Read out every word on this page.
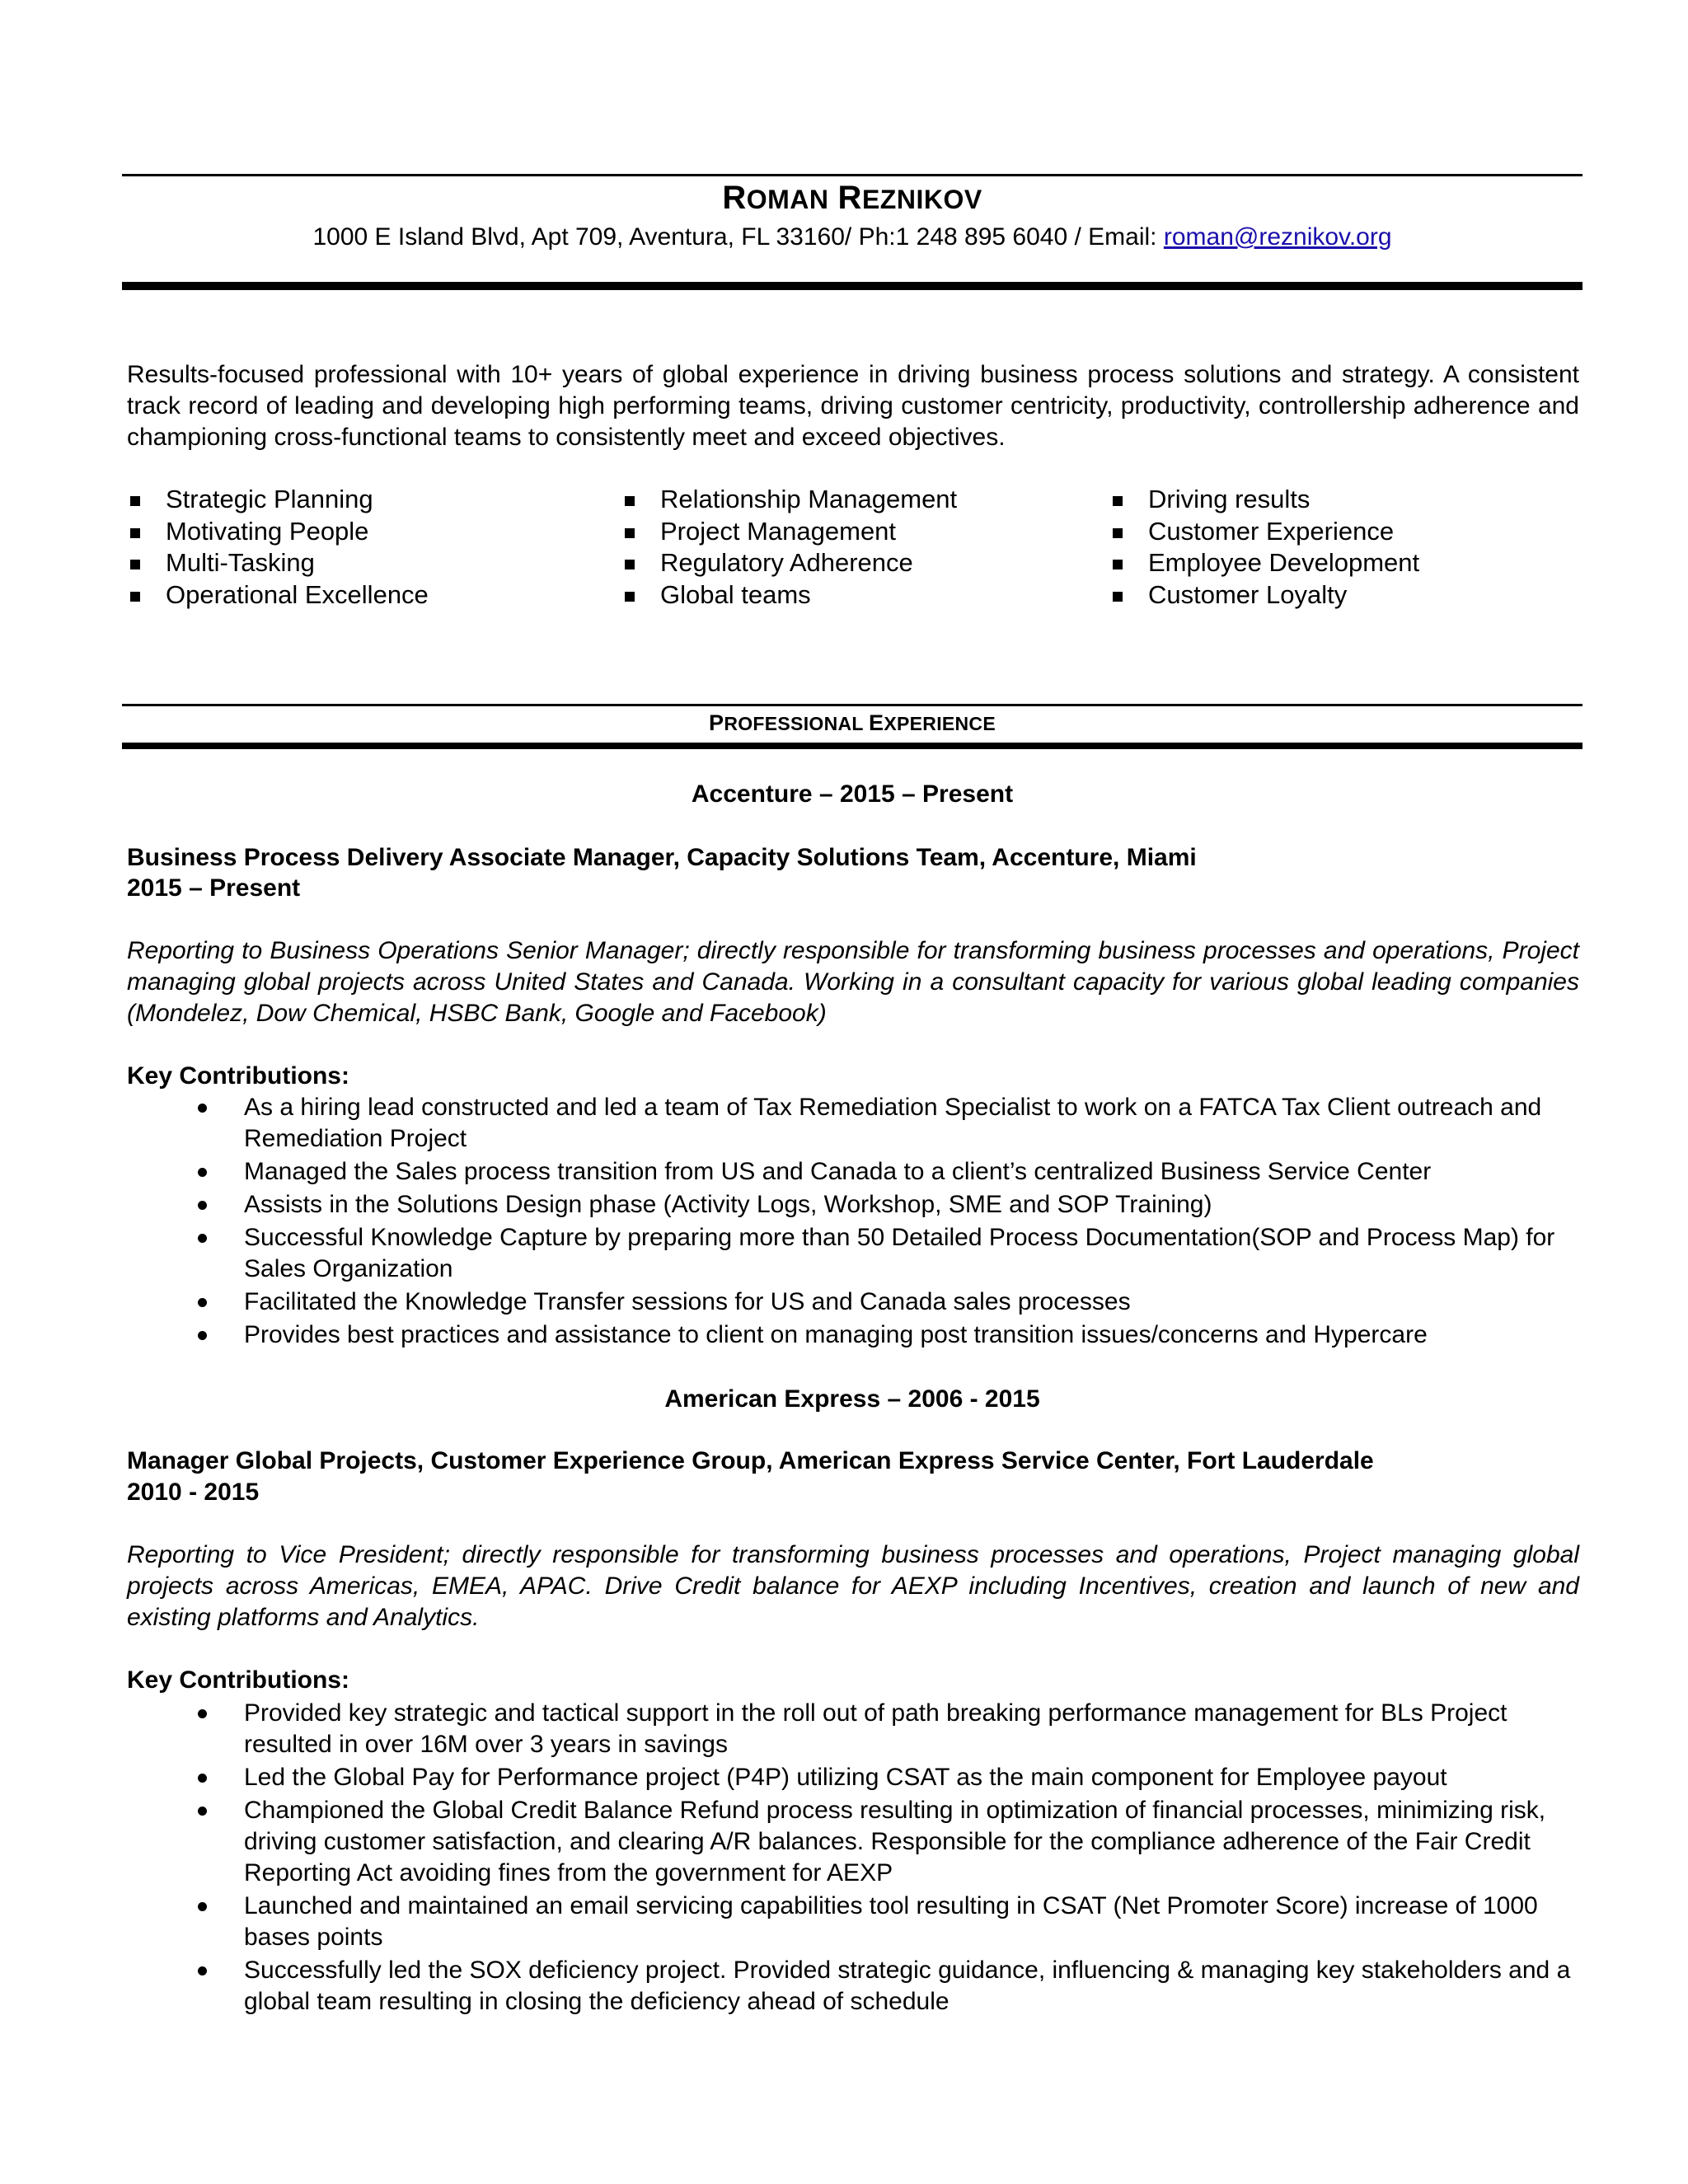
ROMAN REZNIKOV
1000 E Island Blvd, Apt 709, Aventura, FL 33160/ Ph:1 248 895 6040 / Email: roman@reznikov.org
Results-focused professional with 10+ years of global experience in driving business process solutions and strategy. A consistent track record of leading and developing high performing teams, driving customer centricity, productivity, controllership adherence and championing cross-functional teams to consistently meet and exceed objectives.
Strategic Planning
Motivating People
Multi-Tasking
Operational Excellence
Relationship Management
Project Management
Regulatory Adherence
Global teams
Driving results
Customer Experience
Employee Development
Customer Loyalty
PROFESSIONAL EXPERIENCE
Accenture – 2015 – Present
Business Process Delivery Associate Manager, Capacity Solutions Team, Accenture, Miami
2015 – Present
Reporting to Business Operations Senior Manager; directly responsible for transforming business processes and operations, Project managing global projects across United States and Canada. Working in a consultant capacity for various global leading companies (Mondelez, Dow Chemical, HSBC Bank, Google and Facebook)
Key Contributions:
As a hiring lead constructed and led a team of Tax Remediation Specialist to work on a FATCA Tax Client outreach and Remediation Project
Managed the Sales process transition from US and Canada to a client’s centralized Business Service Center
Assists in the Solutions Design phase (Activity Logs, Workshop, SME and SOP Training)
Successful Knowledge Capture by preparing more than 50 Detailed Process Documentation(SOP and Process Map) for Sales Organization
Facilitated the Knowledge Transfer sessions for US and Canada sales processes
Provides best practices and assistance to client on managing post transition issues/concerns and Hypercare
American Express – 2006 - 2015
Manager Global Projects, Customer Experience Group, American Express Service Center, Fort Lauderdale
2010 - 2015
Reporting to Vice President; directly responsible for transforming business processes and operations, Project managing global projects across Americas, EMEA, APAC. Drive Credit balance for AEXP including Incentives, creation and launch of new and existing platforms and Analytics.
Key Contributions:
Provided key strategic and tactical support in the roll out of path breaking performance management for BLs Project resulted in over 16M over 3 years in savings
Led the Global Pay for Performance project (P4P) utilizing CSAT as the main component for Employee payout
Championed the Global Credit Balance Refund process resulting in optimization of financial processes, minimizing risk, driving customer satisfaction, and clearing A/R balances. Responsible for the compliance adherence of the Fair Credit Reporting Act avoiding fines from the government for AEXP
Launched and maintained an email servicing capabilities tool resulting in CSAT (Net Promoter Score) increase of 1000 bases points
Successfully led the SOX deficiency project. Provided strategic guidance, influencing & managing key stakeholders and a global team resulting in closing the deficiency ahead of schedule
